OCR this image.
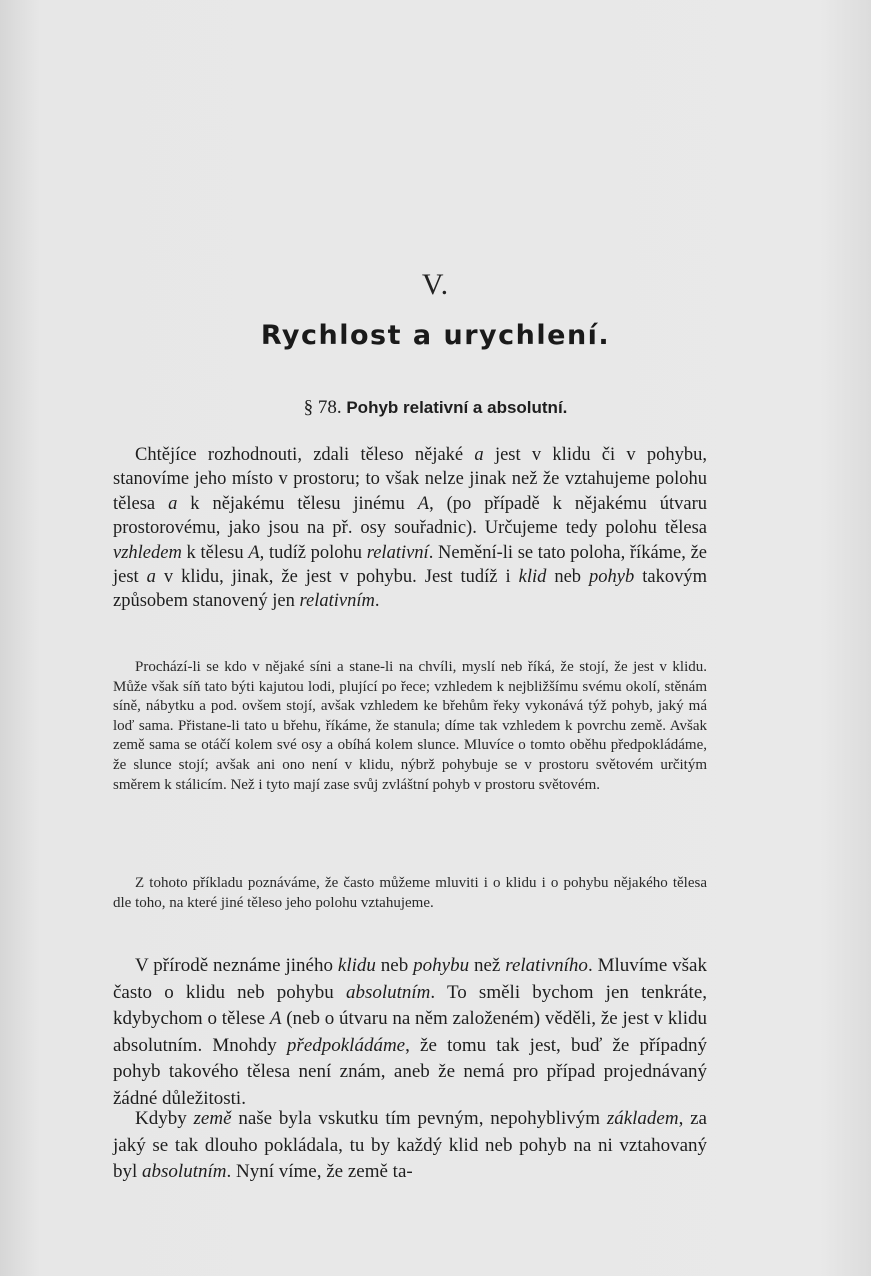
V.
Rychlost a urychlení.
§ 78. Pohyb relativní a absolutní.

Chtějíce rozhodnouti, zdali těleso nějaké a jest v klidu či v pohybu, stanovíme jeho místo v prostoru; to však nelze jinak než že vztahujeme polohu tělesa a k nějakému tělesu jinému A, (po případě k nějakému útvaru prostorovému, jako jsou na př. osy souřadnic). Určujeme tedy polohu tělesa vzhledem k tělesu A, tudíž polohu relativní. Nemění-li se tato poloha, říkáme, že jest a v klidu, jinak, že jest v pohybu. Jest tudíž i klid neb pohyb takovým způsobem stanovený jen relativním.

Prochází-li se kdo v nějaké síni a stane-li na chvíli, myslí neb říká, že stojí, že jest v klidu. Může však síň tato býti kajutou lodi, plující po řece; vzhledem k nejbližšímu svému okolí, stěnám síně, nábytku a pod. ovšem stojí, avšak vzhledem ke břehům řeky vykonává týž pohyb, jaký má loď sama. Přistane-li tato u břehu, říkáme, že stanula; díme tak vzhledem k povrchu země. Avšak země sama se otáčí kolem své osy a obíhá kolem slunce. Mluvíce o tomto oběhu předpokládáme, že slunce stojí; avšak ani ono není v klidu, nýbrž pohybuje se v prostoru světovém určitým směrem k stálicím. Než i tyto mají zase svůj zvláštní pohyb v prostoru světovém.

Z tohoto příkladu poznáváme, že často můžeme mluviti i o klidu i o pohybu nějakého tělesa dle toho, na které jiné těleso jeho polohu vztahujeme.

V přírodě neznáme jiného klidu neb pohybu než relativního. Mluvíme však často o klidu neb pohybu absolutním. To směli bychom jen tenkráte, kdybychom o tělese A (neb o útvaru na něm založeném) věděli, že jest v klidu absolutním. Mnohdy předpokládáme, že tomu tak jest, buď že případný pohyb takového tělesa není znám, aneb že nemá pro případ projednávaný žádné důležitosti.

Kdyby země naše byla vskutku tím pevným, nepohyblivým základem, za jaký se tak dlouho pokládala, tu by každý klid neb pohyb na ni vztahovaný byl absolutním. Nyní víme, že země ta-
